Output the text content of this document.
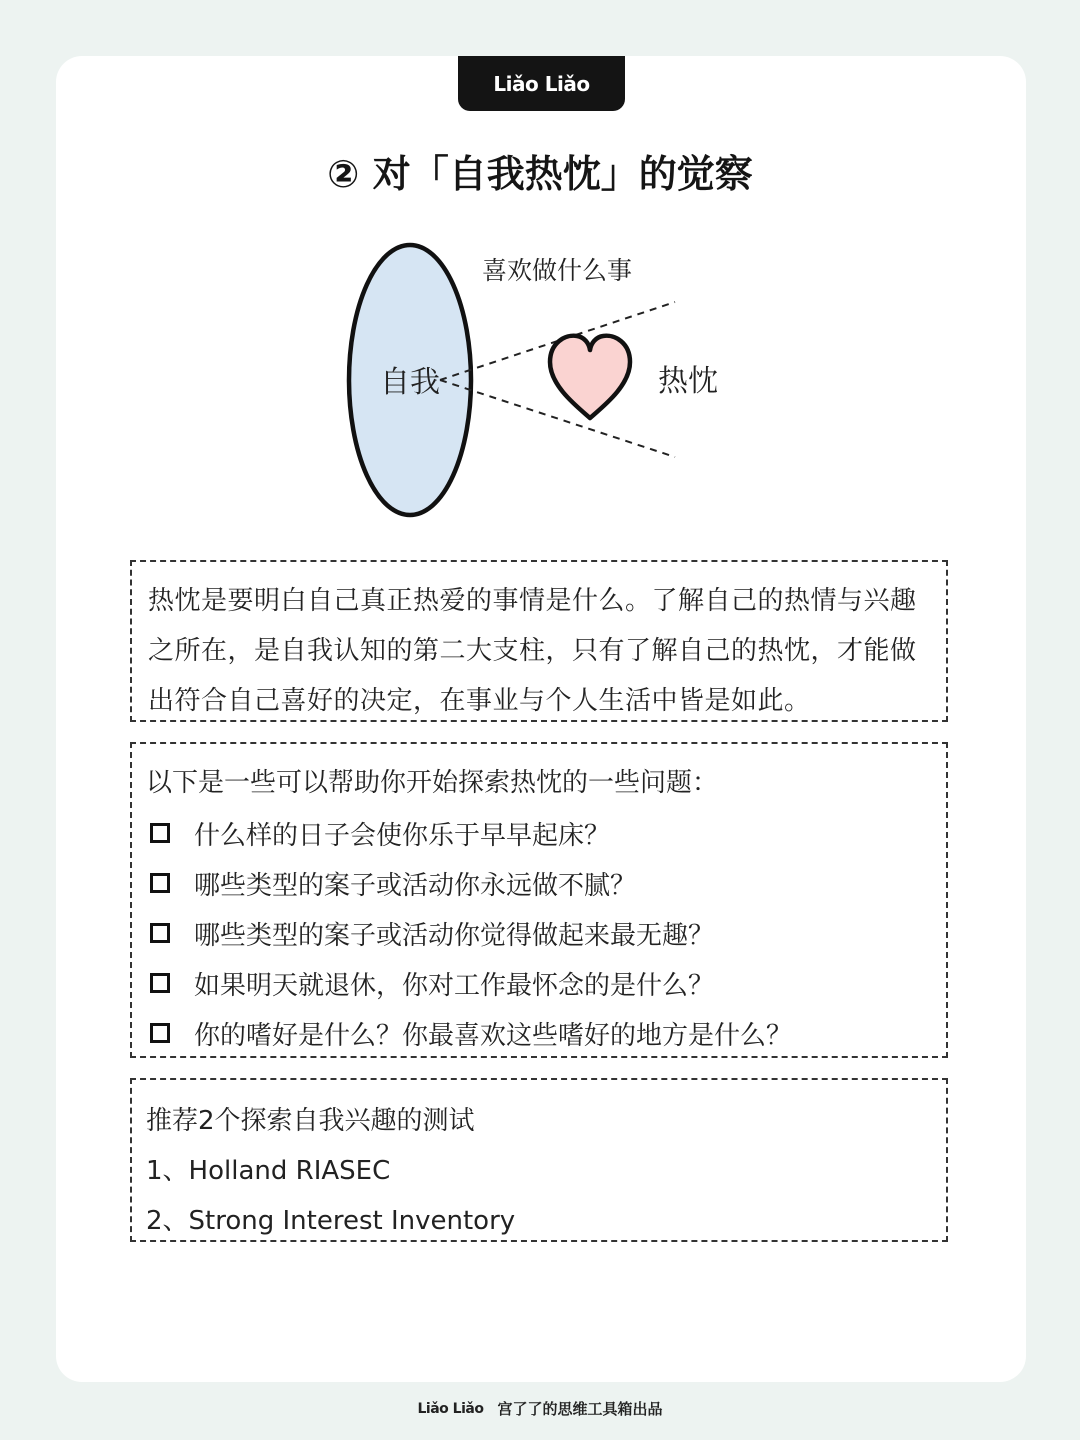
Liǎo Liǎo
② 对「自我热忱」的觉察
自我
喜欢做什么事
热忱
热忱是要明白自己真正热爱的事情是什么。了解自己的热情与兴趣之所在，是自我认知的第二大支柱，只有了解自己的热忱，才能做出符合自己喜好的决定，在事业与个人生活中皆是如此。
以下是一些可以帮助你开始探索热忱的一些问题：
什么样的日子会使你乐于早早起床？
哪些类型的案子或活动你永远做不腻？
哪些类型的案子或活动你觉得做起来最无趣？
如果明天就退休，你对工作最怀念的是什么？
你的嗜好是什么？你最喜欢这些嗜好的地方是什么？
推荐2个探索自我兴趣的测试
1、Holland RIASEC
2、Strong Interest Inventory
Liǎo Liǎo 宫了了的思维工具箱出品
